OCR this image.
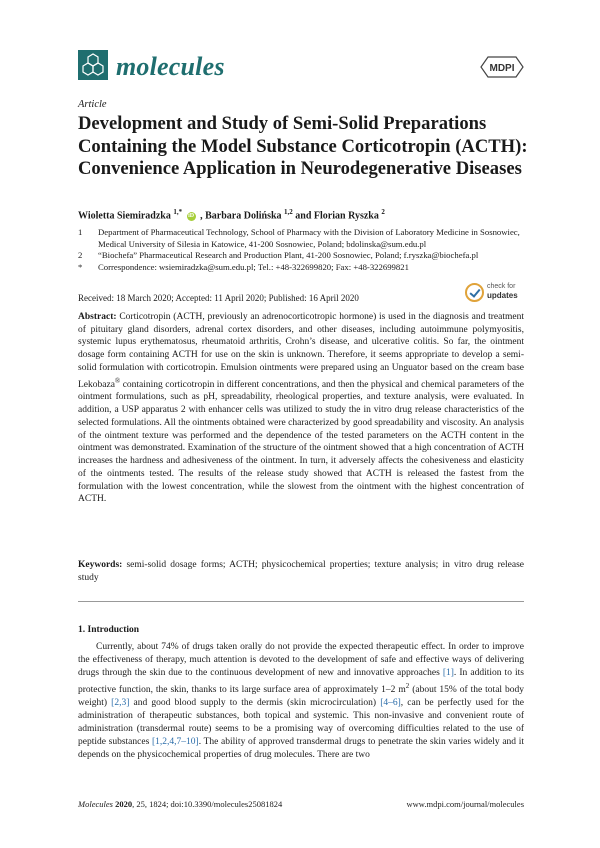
molecules	MDPI
Article
Development and Study of Semi-Solid Preparations Containing the Model Substance Corticotropin (ACTH): Convenience Application in Neurodegenerative Diseases
Wioletta Siemiradzka $^{1,*}$ iD , Barbara Dolińska $^{1,2}$ and Florian Ryszka $^2$
1	Department of Pharmaceutical Technology, School of Pharmacy with the Division of Laboratory Medicine in Sosnowiec, Medical University of Silesia in Katowice, 41-200 Sosnowiec, Poland; bdolinska@sum.edu.pl
2	“Biochefa” Pharmaceutical Research and Production Plant, 41-200 Sosnowiec, Poland; f.ryszka@biochefa.pl
*	Correspondence: wsiemiradzka@sum.edu.pl; Tel.: +48-322699820; Fax: +48-322699821
Received: 18 March 2020; Accepted: 11 April 2020; Published: 16 April 2020
check for
updates

Abstract: Corticotropin (ACTH, previously an adrenocorticotropic hormone) is used in the diagnosis and treatment of pituitary gland disorders, adrenal cortex disorders, and other diseases, including autoimmune polymyositis, systemic lupus erythematosus, rheumatoid arthritis, Crohn’s disease, and ulcerative colitis. So far, the ointment dosage form containing ACTH for use on the skin is unknown. Therefore, it seems appropriate to develop a semi-solid formulation with corticotropin. Emulsion ointments were prepared using an Unguator based on the cream base Lekobaza® containing corticotropin in different concentrations, and then the physical and chemical parameters of the ointment formulations, such as pH, spreadability, rheological properties, and texture analysis, were evaluated. In addition, a USP apparatus 2 with enhancer cells was utilized to study the in vitro drug release characteristics of the selected formulations. All the ointments obtained were characterized by good spreadability and viscosity. An analysis of the ointment texture was performed and the dependence of the tested parameters on the ACTH content in the ointment was demonstrated. Examination of the structure of the ointment showed that a high concentration of ACTH increases the hardness and adhesiveness of the ointment. In turn, it adversely affects the cohesiveness and elasticity of the ointments tested. The results of the release study showed that ACTH is released the fastest from the formulation with the lowest concentration, while the slowest from the ointment with the highest concentration of ACTH.

Keywords: semi-solid dosage forms; ACTH; physicochemical properties; texture analysis; in vitro drug release study

1. Introduction

Currently, about 74% of drugs taken orally do not provide the expected therapeutic effect. In order to improve the effectiveness of therapy, much attention is devoted to the development of safe and effective ways of delivering drugs through the skin due to the continuous development of new and innovative approaches [1]. In addition to its protective function, the skin, thanks to its large surface area of approximately 1–2 $m^2$ (about 15% of the total body weight) [2,3] and good blood supply to the dermis (skin microcirculation) [4–6], can be perfectly used for the administration of therapeutic substances, both topical and systemic. This non-invasive and convenient route of administration (transdermal route) seems to be a promising way of overcoming difficulties related to the use of peptide substances [1,2,4,7–10]. The ability of approved transdermal drugs to penetrate the skin varies widely and it depends on the physicochemical properties of drug molecules. There are two

Molecules 2020, 25, 1824; doi:10.3390/molecules25081824	www.mdpi.com/journal/molecules
